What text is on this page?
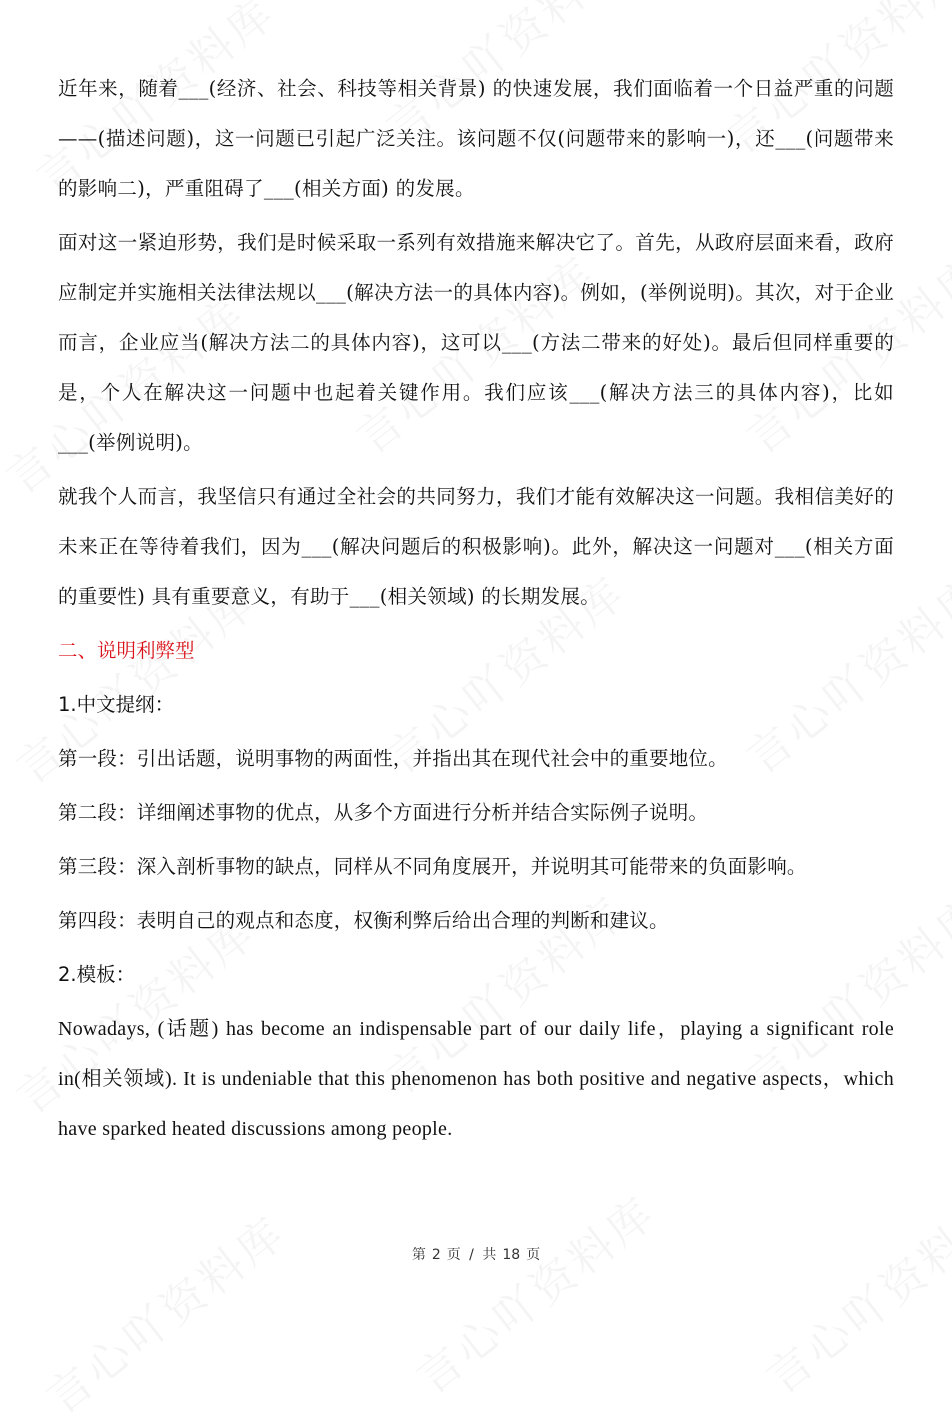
近年来，随着___(经济、社会、科技等相关背景) 的快速发展，我们面临着一个日益严重的问题　——(描述问题)，这一问题已引起广泛关注。该问题不仅(问题带来的影响一)，还___(问题带来的影响二)，严重阻碍了___(相关方面) 的发展。

面对这一紧迫形势，我们是时候采取一系列有效措施来解决它了。首先，从政府层面来看，政府应制定并实施相关法律法规以___(解决方法一的具体内容)。例如，(举例说明)。其次，对于企业而言，企业应当(解决方法二的具体内容)，这可以___(方法二带来的好处)。最后但同样重要的是，个人在解决这一问题中也起着关键作用。我们应该___(解决方法三的具体内容)，比如___(举例说明)。

就我个人而言，我坚信只有通过全社会的共同努力，我们才能有效解决这一问题。我相信美好的未来正在等待着我们，因为___(解决问题后的积极影响)。此外，解决这一问题对___(相关方面的重要性) 具有重要意义，有助于___(相关领域) 的长期发展。

二、说明利弊型

1.中文提纲：

第一段：引出话题，说明事物的两面性，并指出其在现代社会中的重要地位。

第二段：详细阐述事物的优点，从多个方面进行分析并结合实际例子说明。

第三段：深入剖析事物的缺点，同样从不同角度展开，并说明其可能带来的负面影响。

第四段：表明自己的观点和态度，权衡利弊后给出合理的判断和建议。

2.模板：

Nowadays, (话题) has become an indispensable part of our daily life，playing a significant role in(相关领域). It is undeniable that this phenomenon has both positive and negative aspects，which have sparked heated discussions among people.

第 2 页 / 共 18 页
